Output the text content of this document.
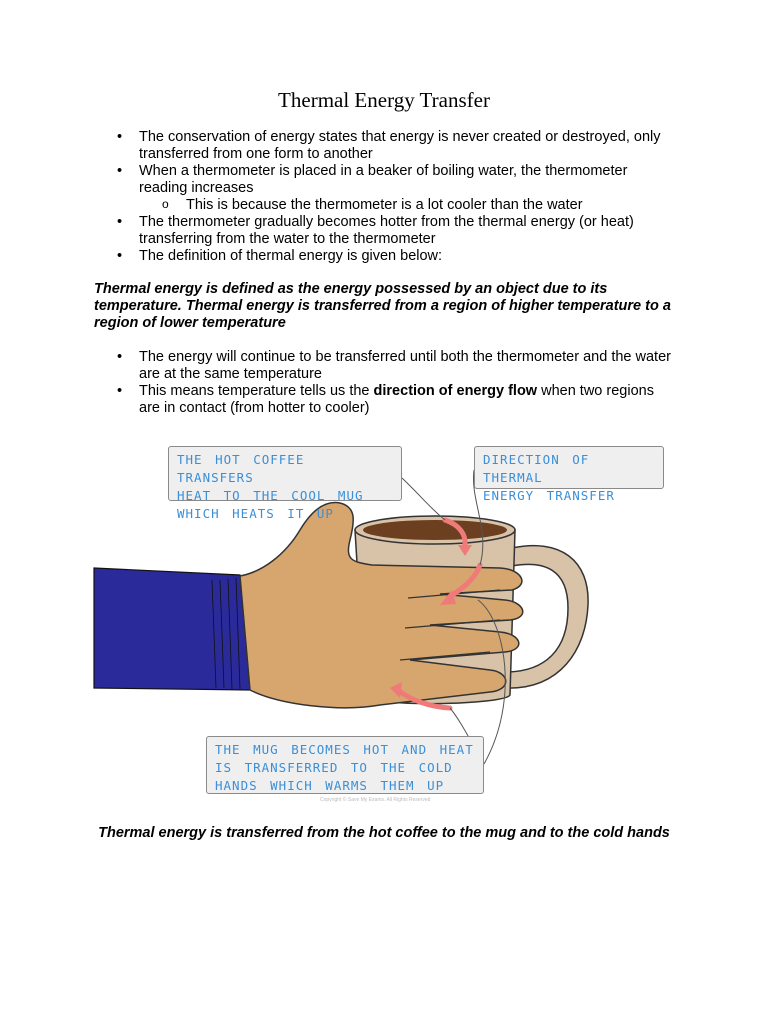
Thermal Energy Transfer
• The conservation of energy states that energy is never created or destroyed, only transferred from one form to another
• When a thermometer is placed in a beaker of boiling water, the thermometer reading increases
o This is because the thermometer is a lot cooler than the water
• The thermometer gradually becomes hotter from the thermal energy (or heat) transferring from the water to the thermometer
• The definition of thermal energy is given below:
Thermal energy is defined as the energy possessed by an object due to its temperature. Thermal energy is transferred from a region of higher temperature to a region of lower temperature
• The energy will continue to be transferred until both the thermometer and the water are at the same temperature
• This means temperature tells us the direction of energy flow when two regions are in contact (from hotter to cooler)
THE HOT COFFEE TRANSFERS
HEAT TO THE COOL MUG
WHICH HEATS IT UP
DIRECTION OF THERMAL
ENERGY TRANSFER
THE MUG BECOMES HOT AND HEAT
IS TRANSFERRED TO THE COLD
HANDS WHICH WARMS THEM UP
Copyright © Save My Exams. All Rights Reserved
Thermal energy is transferred from the hot coffee to the mug and to the cold hands
